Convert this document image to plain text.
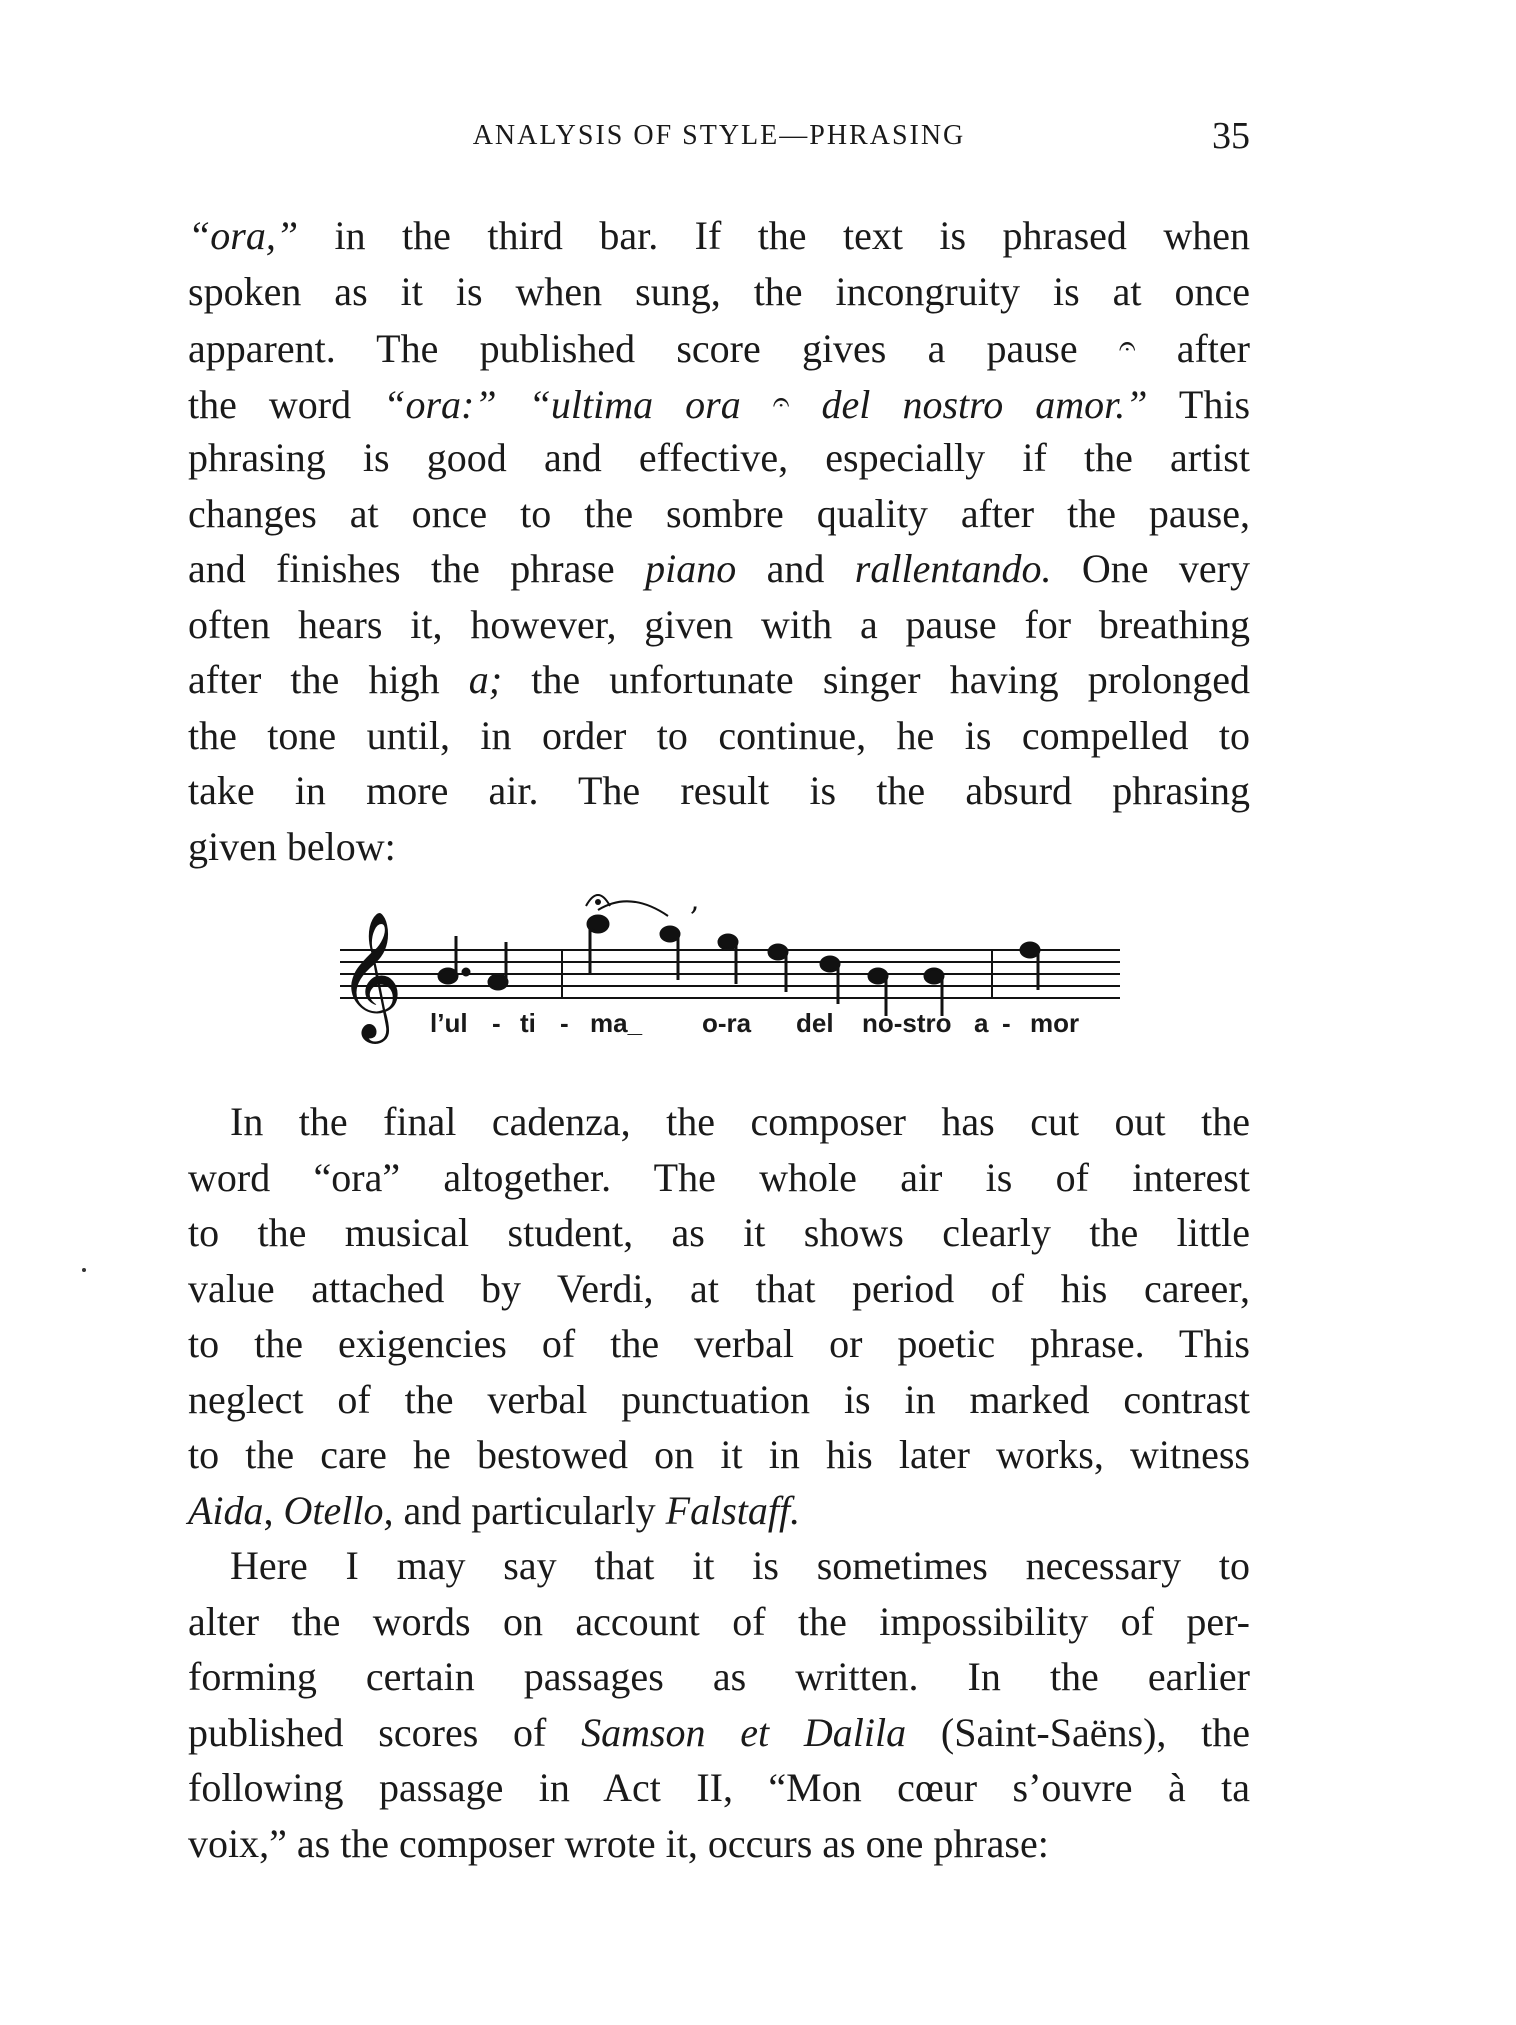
ANALYSIS OF STYLE—PHRASING	35
“ora,” in the third bar. If the text is phrased when
spoken as it is when sung, the incongruity is at once
apparent. The published score gives a pause 𝄐 after
the word “ora:” “ultima ora 𝄐 del nostro amor.” This
phrasing is good and effective, especially if the artist
changes at once to the sombre quality after the pause,
and finishes the phrase piano and rallentando. One very
often hears it, however, given with a pause for breathing
after the high a; the unfortunate singer having prolonged
the tone until, in order to continue, he is compelled to
take in more air. The result is the absurd phrasing
given below:
𝄞
,
l’ul - ti - ma_ o-ra del no-stro a - mor
In the final cadenza, the composer has cut out the
word “ora” altogether. The whole air is of interest
to the musical student, as it shows clearly the little
value attached by Verdi, at that period of his career,
to the exigencies of the verbal or poetic phrase. This
neglect of the verbal punctuation is in marked contrast
to the care he bestowed on it in his later works, witness
Aida, Otello, and particularly Falstaff.
Here I may say that it is sometimes necessary to
alter the words on account of the impossibility of per-
forming certain passages as written. In the earlier
published scores of Samson et Dalila (Saint-Saëns), the
following passage in Act II, “Mon cœur s’ouvre à ta
voix,” as the composer wrote it, occurs as one phrase:
